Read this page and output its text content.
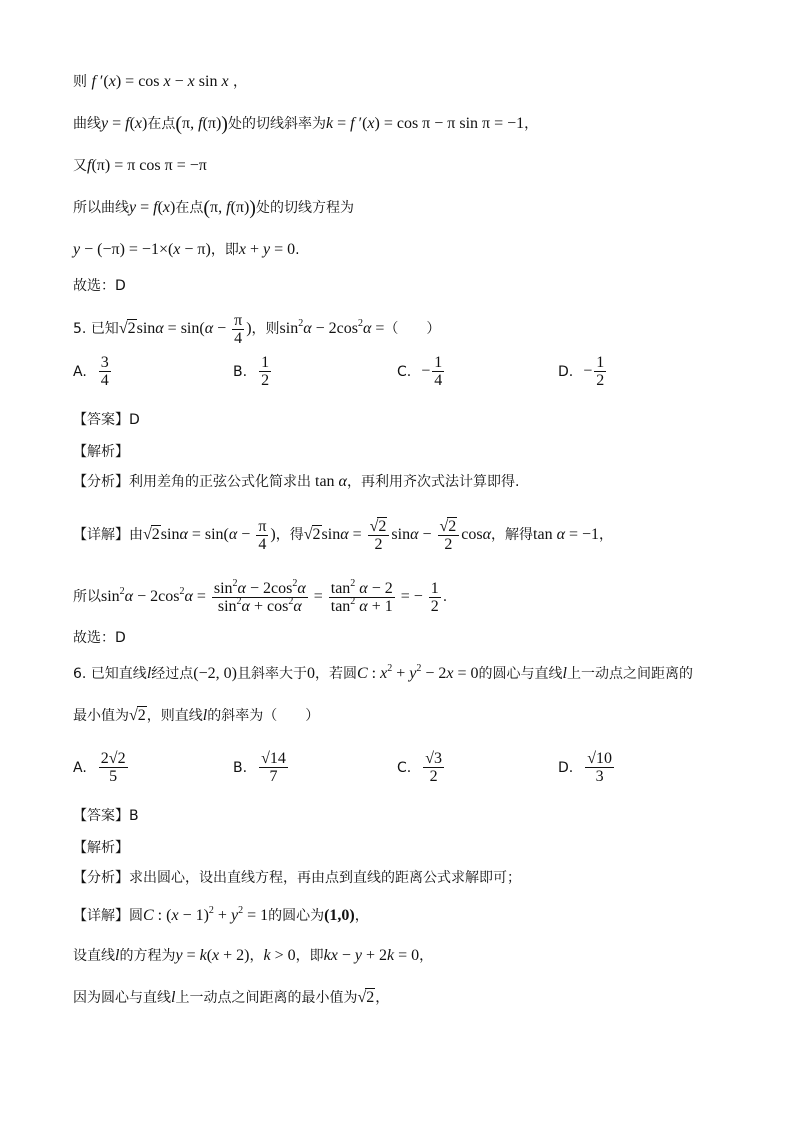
则 f ′(x) = cos x − x sin x ，
曲线y = f(x)在点(π, f(π))处的切线斜率为k = f ′(x) = cos π − π sin π = −1，
又f(π) = π cos π = −π
所以曲线y = f(x)在点(π, f(π))处的切线方程为
y − (−π) = −1×(x − π)，即x + y = 0.
故选：D
5. 已知$√2\sin\alpha = \sin(\alpha - \frac{\pi}{4}$ )，则$\sin^2\alpha - 2\cos^2\alpha$ =（　　）
A. $\frac{3}{4}$	B. $\frac{1}{2}$	C. − $\frac{1}{4}$	D. − $\frac{1}{2}$
【答案】D
【解析】
【分析】利用差角的正弦公式化简求出 tan α，再利用齐次式法计算即得.
【详解】由$√2\sin\alpha = \sin(\alpha - \frac{\pi}{4}$ )，得$√2\sin\alpha = \frac{√2}{2}$ $\sin\alpha - \frac{√2}{2}$ cosα，解得tan α = −1，
所以$\sin^2\alpha - 2\cos^2\alpha = \frac{\sin^2\alpha - 2\cos^2\alpha}{\sin^2\alpha + \cos^2\alpha} = \frac{\tan^2 \alpha - 2}{\tan^2 \alpha + 1}$ = − $\frac{1}{2}$ .
故选：D
6. 已知直线l经过点(−2, 0)且斜率大于0，若圆C : $x^2 + y^2 - 2x = 0$的圆心与直线l上一动点之间距离的
最小值为√2，则直线l的斜率为（　　）
A. $\frac{2√2}{5}$	B. $\frac{√14}{7}$	C. $\frac{√3}{2}$	D. $\frac{√10}{3}$
【答案】B
【解析】
【分析】求出圆心，设出直线方程，再由点到直线的距离公式求解即可；
【详解】圆C : $(x - 1)^2 + y^2 = 1$的圆心为(1,0)，
设直线l的方程为y = k(x + 2)，k > 0，即kx − y + 2k = 0，
因为圆心与直线l上一动点之间距离的最小值为√2，
